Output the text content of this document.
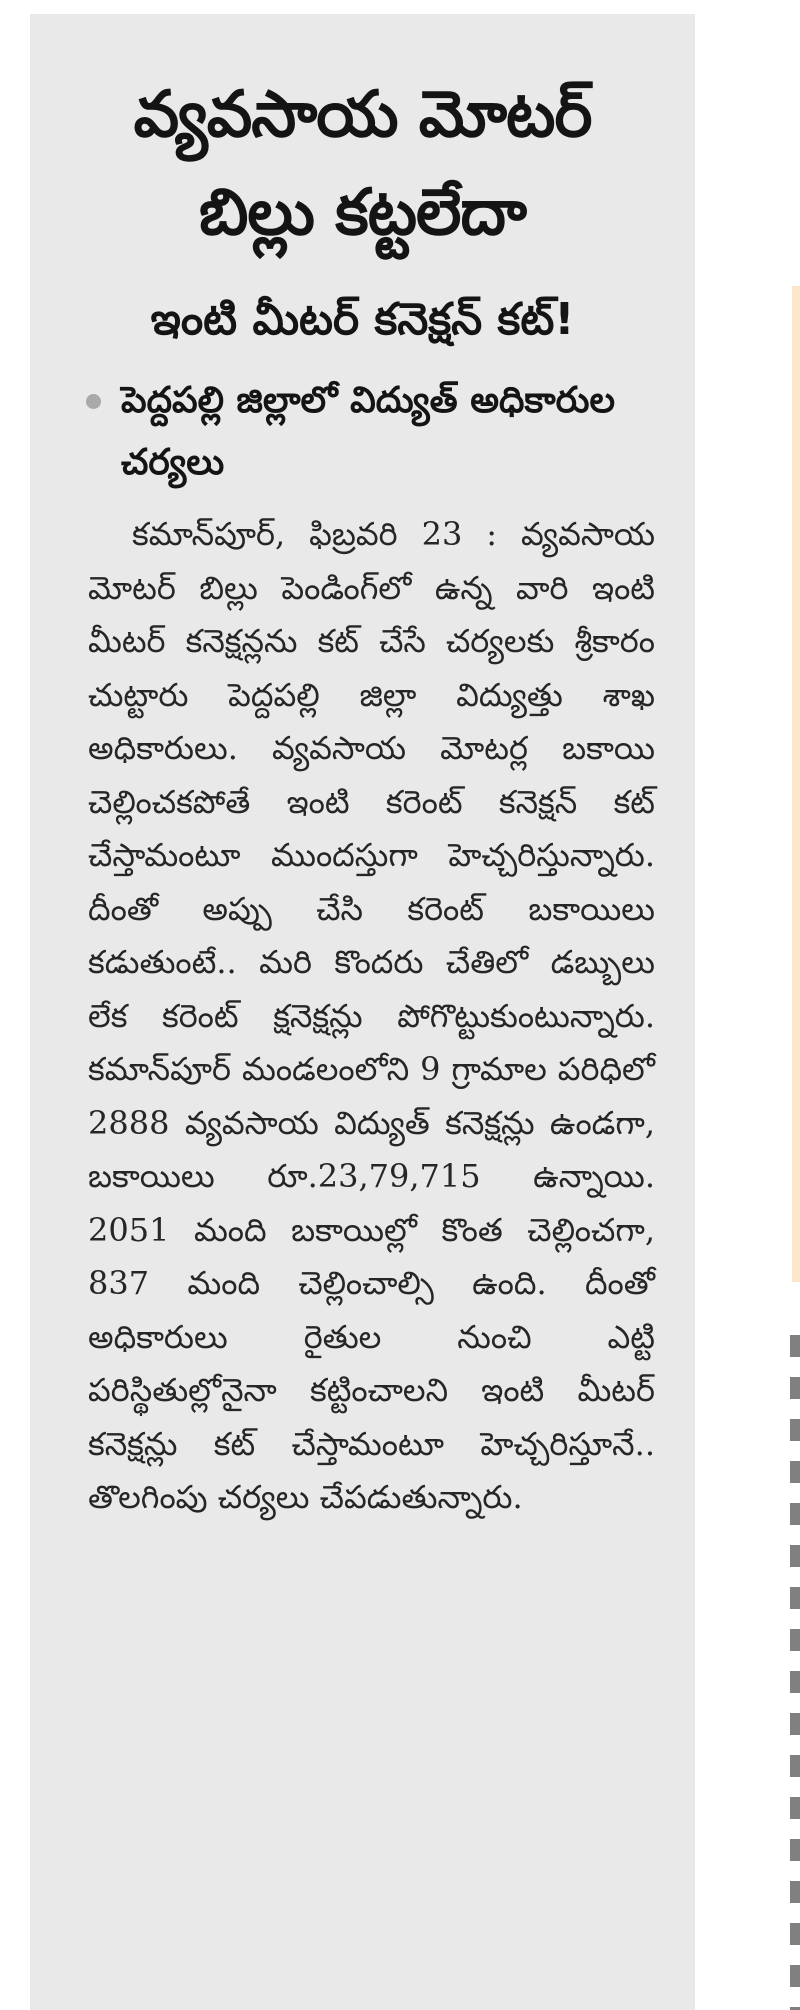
వ్యవసాయ మోటర్
బిల్లు కట్టలేదా
ఇంటి మీటర్ కనెక్షన్ కట్!
పెద్దపల్లి జిల్లాలో విద్యుత్ అధికారుల చర్యలు
కమాన్‌పూర్, ఫిబ్రవరి 23 : వ్యవసాయ మోటర్ బిల్లు పెండింగ్‌లో ఉన్న వారి ఇంటి మీటర్ కనెక్షన్లను కట్ చేసే చర్యలకు శ్రీకారం చుట్టారు పెద్దపల్లి జిల్లా విద్యుత్తు శాఖ అధికారులు. వ్యవసాయ మోటర్ల బకాయి చెల్లించకపోతే ఇంటి కరెంట్ కనెక్షన్ కట్ చేస్తామంటూ ముందస్తుగా హెచ్చరిస్తున్నారు. దీంతో అప్పు చేసి కరెంట్ బకాయిలు కడుతుంటే.. మరి కొందరు చేతిలో డబ్బులు లేక కరెంట్ క్షనెక్షన్లు పోగొట్టుకుంటున్నారు. కమాన్‌పూర్ మండలంలోని 9 గ్రామాల పరిధిలో 2888 వ్యవసాయ విద్యుత్ కనెక్షన్లు ఉండగా, బకాయిలు రూ.23,79,715 ఉన్నాయి. 2051 మంది బకాయిల్లో కొంత చెల్లించగా, 837 మంది చెల్లించాల్సి ఉంది. దీంతో అధికారులు రైతుల నుంచి ఎట్టి పరిస్థితుల్లోనైనా కట్టించాలని ఇంటి మీటర్ కనెక్షన్లు కట్ చేస్తామంటూ హెచ్చరిస్తూనే.. తొలగింపు చర్యలు చేపడుతున్నారు.
